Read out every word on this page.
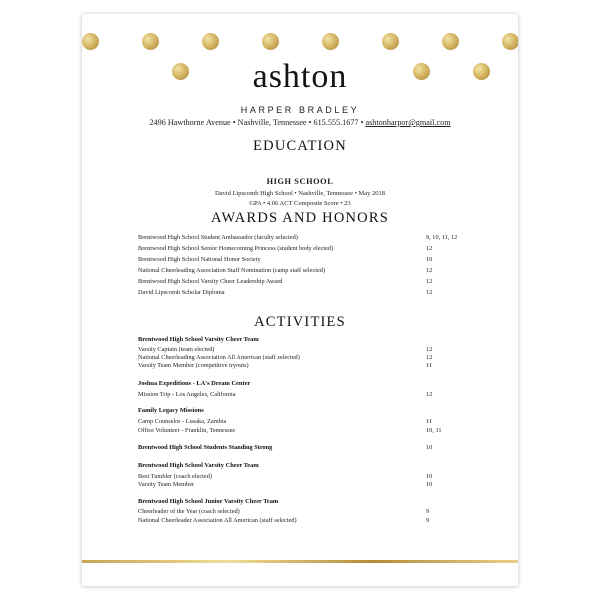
ashton
HARPER BRADLEY
2496 Hawthorne Avenue • Nashville, Tennessee • 615.555.1677 • ashtonharpor@gmail.com
EDUCATION
HIGH SCHOOL
David Lipscomb High School • Nashville, Tennessee • May 2018
GPA • 4.06 ACT Composite Score • 23
AWARDS AND HONORS
Brentwood High School Student Ambassador (faculty selected)	9, 10, 11, 12
Brentwood High School Senior Homecoming Princess (student body elected)	12
Brentwood High School National Honor Society	10
National Cheerleading Association Staff Nomination (camp staff selected)	12
Brentwood High School Varsity Cheer Leadership Award	12
David Lipscomb Scholar Diploma	12
ACTIVITIES
Brentwood High School Varsity Cheer Team
Varsity Captain (team elected)	12
National Cheerleading Association All American (staff selected)	12
Varsity Team Member (competitive tryouts)	11
Joshua Expeditions - LA's Dream Center
Mission Trip - Los Angeles, California	12
Family Legacy Missions
Camp Counselor - Lusaka, Zambia	11
Office Volunteer - Franklin, Tennessee	10, 11
Brentwood High School Students Standing Strong	10
Brentwood High School Varsity Cheer Team
Best Tumbler (coach elected)	10
Varsity Team Member	10
Brentwood High School Junior Varsity Cheer Team
Cheerleader of the Year (coach selected)	9
National Cheerleader Association All American (staff selected)	9
